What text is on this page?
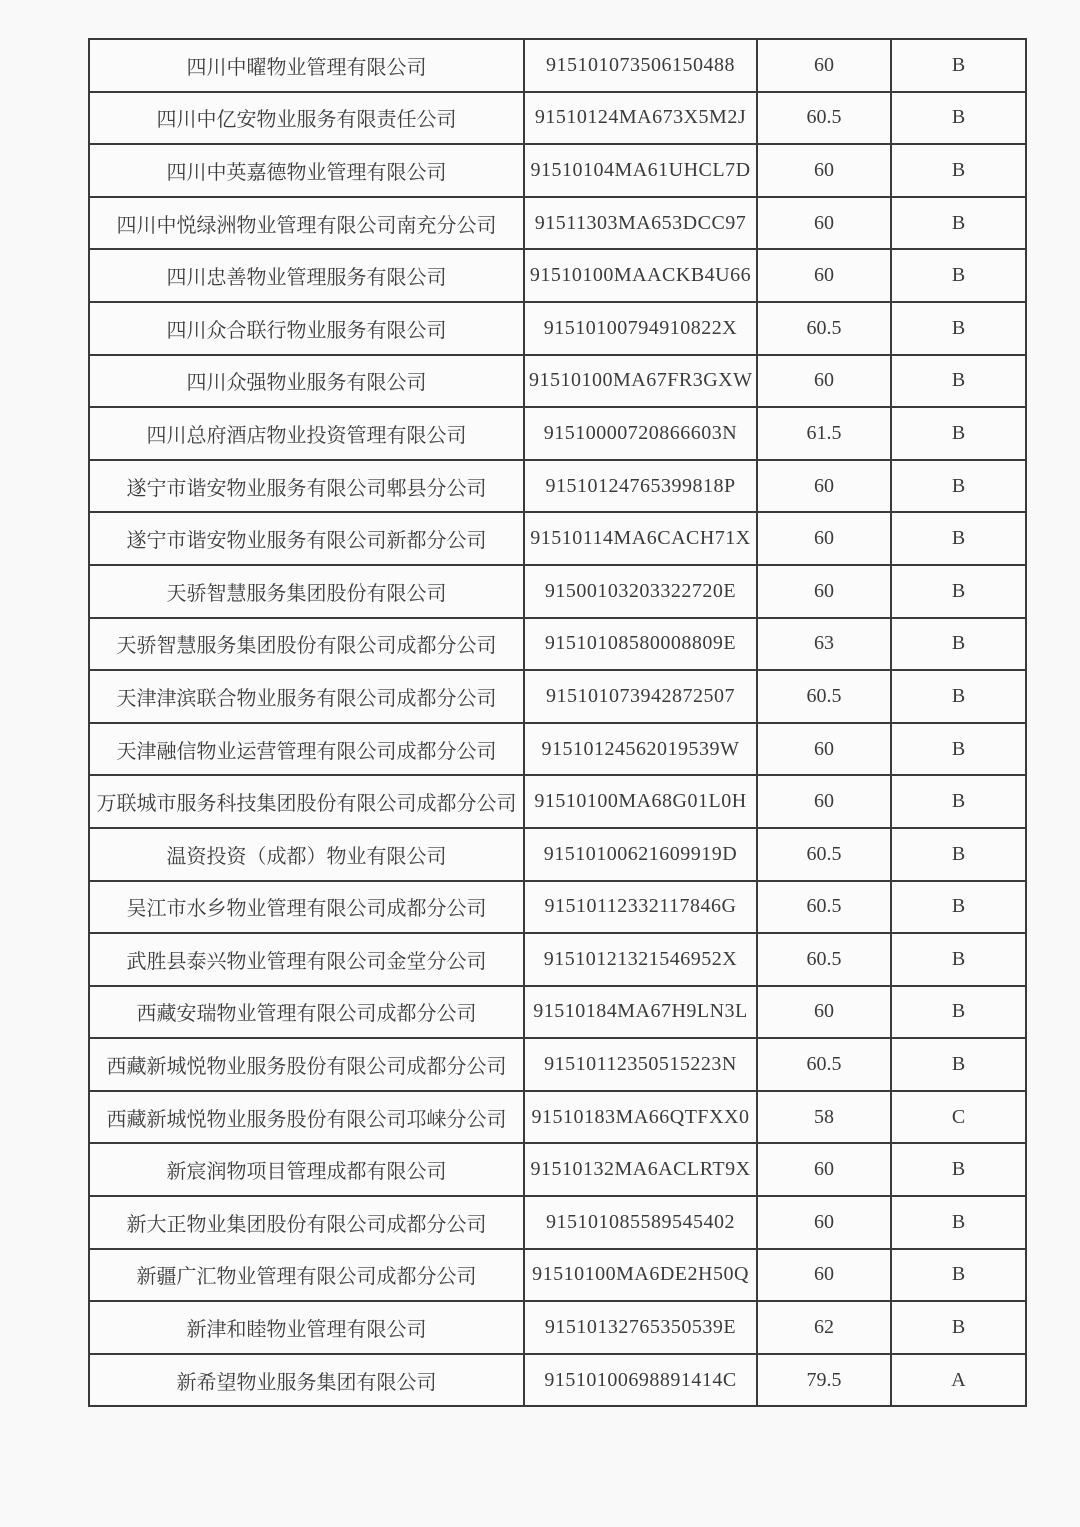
四川中曜物业管理有限公司	915101073506150488	60	B
四川中亿安物业服务有限责任公司	91510124MA673X5M2J	60.5	B
四川中英嘉德物业管理有限公司	91510104MA61UHCL7D	60	B
四川中悦绿洲物业管理有限公司南充分公司	91511303MA653DCC97	60	B
四川忠善物业管理服务有限公司	91510100MAACKB4U66	60	B
四川众合联行物业服务有限公司	91510100794910822X	60.5	B
四川众强物业服务有限公司	91510100MA67FR3GXW	60	B
四川总府酒店物业投资管理有限公司	91510000720866603N	61.5	B
遂宁市谐安物业服务有限公司郫县分公司	91510124765399818P	60	B
遂宁市谐安物业服务有限公司新都分公司	91510114MA6CACH71X	60	B
天骄智慧服务集团股份有限公司	91500103203322720E	60	B
天骄智慧服务集团股份有限公司成都分公司	91510108580008809E	63	B
天津津滨联合物业服务有限公司成都分公司	915101073942872507	60.5	B
天津融信物业运营管理有限公司成都分公司	91510124562019539W	60	B
万联城市服务科技集团股份有限公司成都分公司	91510100MA68G01L0H	60	B
温资投资（成都）物业有限公司	91510100621609919D	60.5	B
吴江市水乡物业管理有限公司成都分公司	91510112332117846G	60.5	B
武胜县泰兴物业管理有限公司金堂分公司	91510121321546952X	60.5	B
西藏安瑞物业管理有限公司成都分公司	91510184MA67H9LN3L	60	B
西藏新城悦物业服务股份有限公司成都分公司	91510112350515223N	60.5	B
西藏新城悦物业服务股份有限公司邛崃分公司	91510183MA66QTFXX0	58	C
新宸润物项目管理成都有限公司	91510132MA6ACLRT9X	60	B
新大正物业集团股份有限公司成都分公司	915101085589545402	60	B
新疆广汇物业管理有限公司成都分公司	91510100MA6DE2H50Q	60	B
新津和睦物业管理有限公司	91510132765350539E	62	B
新希望物业服务集团有限公司	91510100698891414C	79.5	A
